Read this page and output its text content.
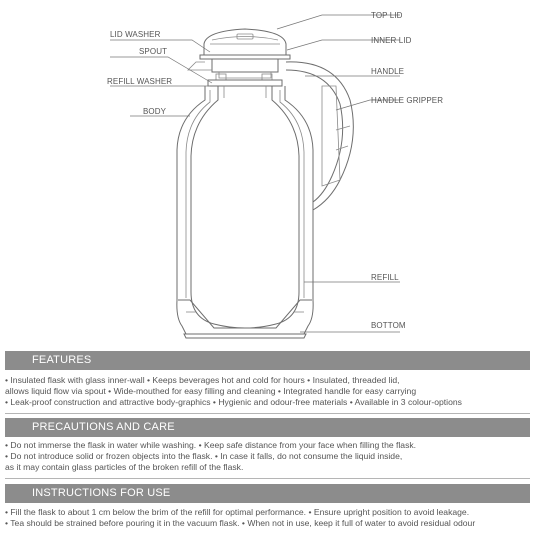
TOP LID
INNER LID
HANDLE
HANDLE GRIPPER
REFILL
BOTTOM
LID WASHER
SPOUT
REFILL WASHER
BODY
FEATURES

• Insulated flask with glass inner-wall • Keeps beverages hot and cold for hours • Insulated, threaded lid,

allows liquid flow via spout • Wide-mouthed for easy filling and cleaning • Integrated handle for easy carrying

• Leak-proof construction and attractive body-graphics • Hygienic and odour-free materials • Available in 3 colour-options

PRECAUTIONS AND CARE

• Do not immerse the flask in water while washing. • Keep safe distance from your face when filling the flask.

• Do not introduce solid or frozen objects into the flask. • In case it falls, do not consume the liquid inside,

as it may contain glass particles of the broken refill of the flask.

INSTRUCTIONS FOR USE

• Fill the flask to about 1 cm below the brim of the refill for optimal performance. • Ensure upright position to avoid leakage.

• Tea should be strained before pouring it in the vacuum flask. • When not in use, keep it full of water to avoid residual odour
